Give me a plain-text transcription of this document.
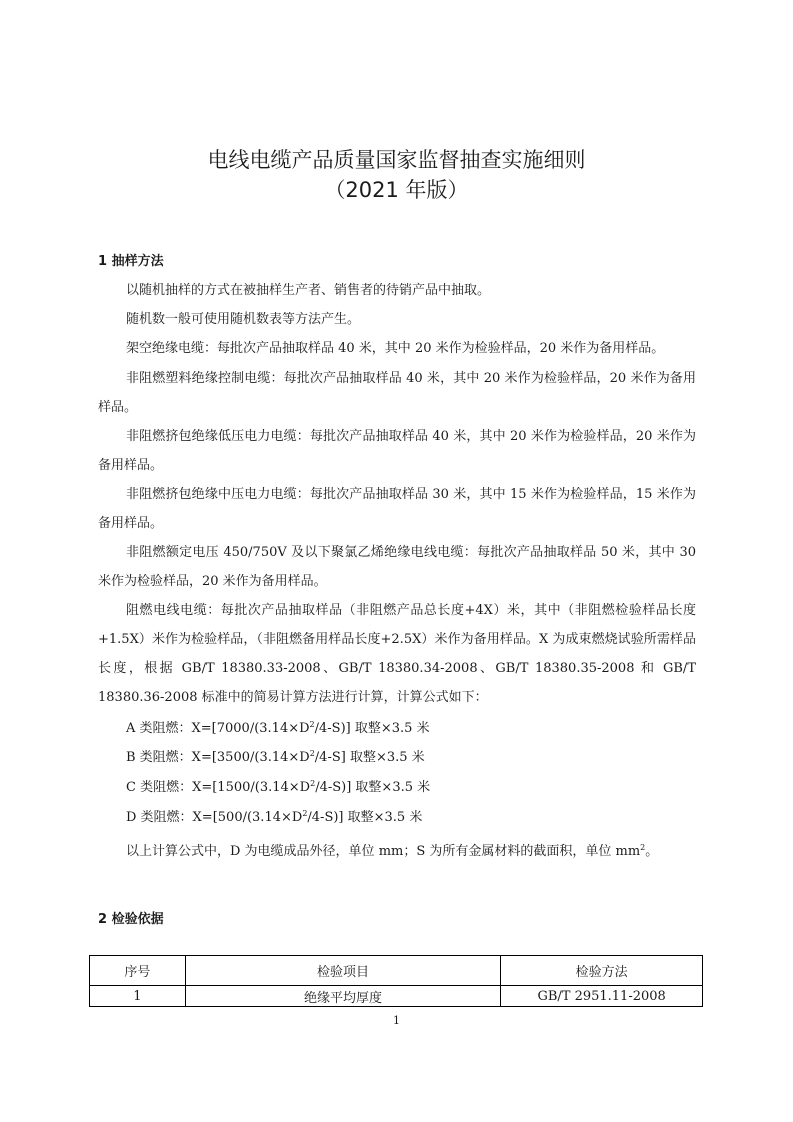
电线电缆产品质量国家监督抽查实施细则
（2021 年版）
1 抽样方法
以随机抽样的方式在被抽样生产者、销售者的待销产品中抽取。
随机数一般可使用随机数表等方法产生。
架空绝缘电缆：每批次产品抽取样品 40 米，其中 20 米作为检验样品，20 米作为备用样品。
非阻燃塑料绝缘控制电缆：每批次产品抽取样品 40 米，其中 20 米作为检验样品，20 米作为备用样品。
非阻燃挤包绝缘低压电力电缆：每批次产品抽取样品 40 米，其中 20 米作为检验样品，20 米作为备用样品。
非阻燃挤包绝缘中压电力电缆：每批次产品抽取样品 30 米，其中 15 米作为检验样品，15 米作为备用样品。
非阻燃额定电压 450/750V 及以下聚氯乙烯绝缘电线电缆：每批次产品抽取样品 50 米，其中 30 米作为检验样品，20 米作为备用样品。
阻燃电线电缆：每批次产品抽取样品（非阻燃产品总长度+4X）米，其中（非阻燃检验样品长度+1.5X）米作为检验样品，（非阻燃备用样品长度+2.5X）米作为备用样品。X 为成束燃烧试验所需样品长度，根据 GB/T 18380.33-2008、GB/T 18380.34-2008、GB/T 18380.35-2008 和 GB/T 18380.36-2008 标准中的简易计算方法进行计算，计算公式如下：
A 类阻燃：$X=[7000/(3.14\times D^2/4-S)]$ 取整×3.5 米
B 类阻燃：$X=[3500/(3.14\times D^2/4-S]$ 取整×3.5 米
C 类阻燃：$X=[1500/(3.14\times D^2/4-S)]$ 取整×3.5 米
D 类阻燃：$X=[500/(3.14\times D^2/4-S)]$ 取整×3.5 米
以上计算公式中，D 为电缆成品外径，单位 mm；S 为所有金属材料的截面积，单位 $mm^2$。
2 检验依据
序号	检验项目	检验方法
1	绝缘平均厚度	GB/T 2951.11-2008
1
